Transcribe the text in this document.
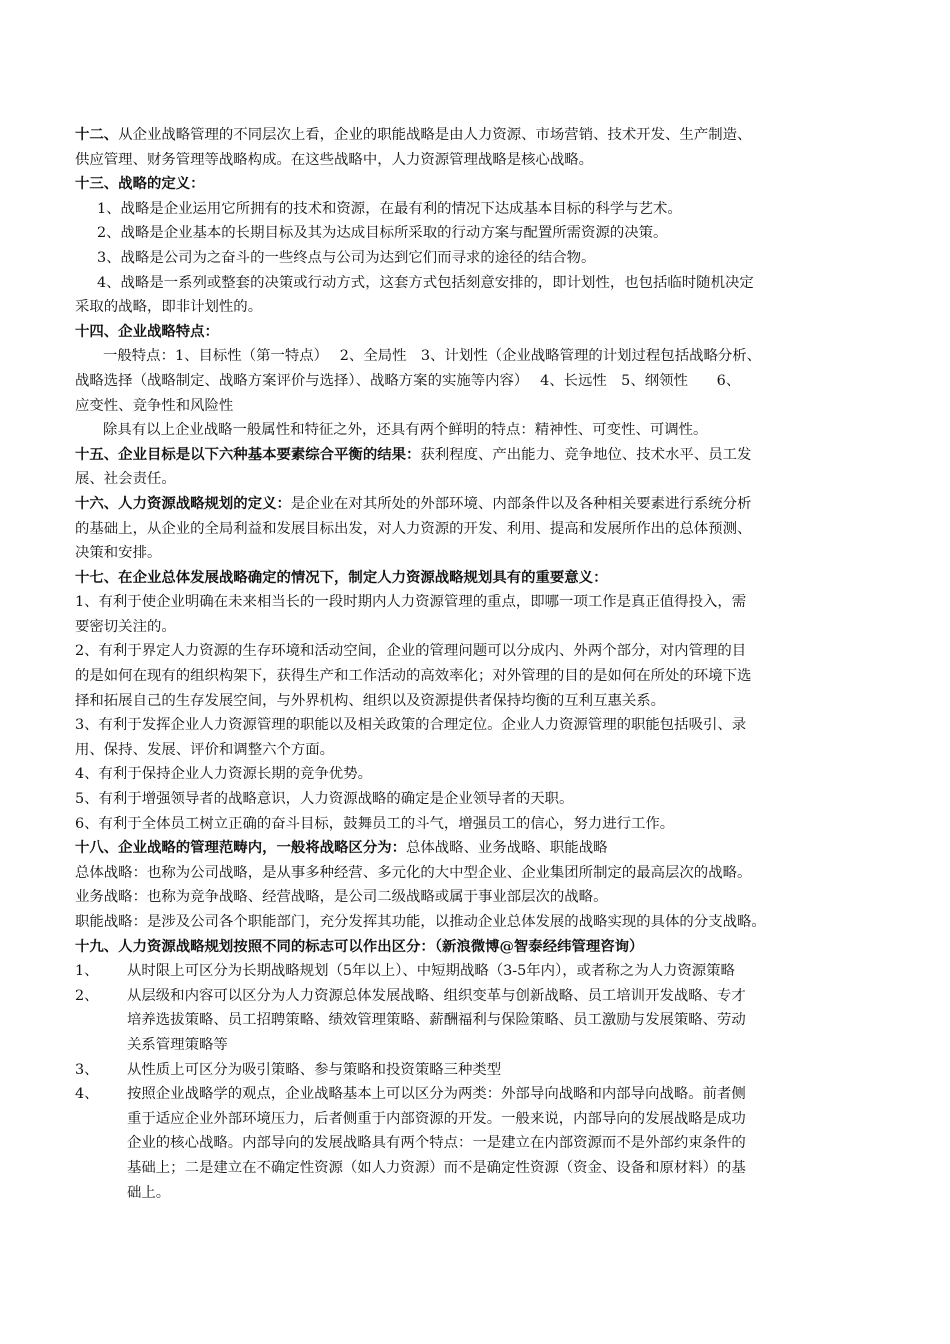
十二、从企业战略管理的不同层次上看，企业的职能战略是由人力资源、市场营销、技术开发、生产制造、
供应管理、财务管理等战略构成。在这些战略中，人力资源管理战略是核心战略。
十三、战略的定义：
1、战略是企业运用它所拥有的技术和资源，在最有利的情况下达成基本目标的科学与艺术。
2、战略是企业基本的长期目标及其为达成目标所采取的行动方案与配置所需资源的决策。
3、战略是公司为之奋斗的一些终点与公司为达到它们而寻求的途径的结合物。
4、战略是一系列或整套的决策或行动方式，这套方式包括刻意安排的，即计划性，也包括临时随机决定
采取的战略，即非计划性的。
十四、企业战略特点：
一般特点：1、目标性（第一特点）　 2、全局性　3、计划性（企业战略管理的计划过程包括战略分析、
战略选择（战略制定、战略方案评价与选择）、战略方案的实施等内容）　 4、长远性　5、纲领性　　6、
应变性、竞争性和风险性
除具有以上企业战略一般属性和特征之外，还具有两个鲜明的特点：精神性、可变性、可调性。
十五、企业目标是以下六种基本要素综合平衡的结果：获利程度、产出能力、竞争地位、技术水平、员工发
展、社会责任。
十六、人力资源战略规划的定义：是企业在对其所处的外部环境、内部条件以及各种相关要素进行系统分析
的基础上，从企业的全局利益和发展目标出发，对人力资源的开发、利用、提高和发展所作出的总体预测、
决策和安排。
十七、在企业总体发展战略确定的情况下，制定人力资源战略规划具有的重要意义：
1、有利于使企业明确在未来相当长的一段时期内人力资源管理的重点，即哪一项工作是真正值得投入，需
要密切关注的。
2、有利于界定人力资源的生存环境和活动空间，企业的管理问题可以分成内、外两个部分，对内管理的目
的是如何在现有的组织构架下，获得生产和工作活动的高效率化；对外管理的目的是如何在所处的环境下选
择和拓展自己的生存发展空间，与外界机构、组织以及资源提供者保持均衡的互利互惠关系。
3、有利于发挥企业人力资源管理的职能以及相关政策的合理定位。企业人力资源管理的职能包括吸引、录
用、保持、发展、评价和调整六个方面。
4、有利于保持企业人力资源长期的竞争优势。
5、有利于增强领导者的战略意识，人力资源战略的确定是企业领导者的天职。
6、有利于全体员工树立正确的奋斗目标，鼓舞员工的斗气，增强员工的信心，努力进行工作。
十八、企业战略的管理范畴内，一般将战略区分为：总体战略、业务战略、职能战略
总体战略：也称为公司战略，是从事多种经营、多元化的大中型企业、企业集团所制定的最高层次的战略。
业务战略：也称为竞争战略、经营战略，是公司二级战略或属于事业部层次的战略。
职能战略：是涉及公司各个职能部门，充分发挥其功能，以推动企业总体发展的战略实现的具体的分支战略。
十九、人力资源战略规划按照不同的标志可以作出区分：（新浪微博@智泰经纬管理咨询）
1、 从时限上可区分为长期战略规划（5年以上）、中短期战略（3-5年内），或者称之为人力资源策略
2、 从层级和内容可以区分为人力资源总体发展战略、组织变革与创新战略、员工培训开发战略、专才
培养选拔策略、员工招聘策略、绩效管理策略、薪酬福利与保险策略、员工激励与发展策略、劳动
关系管理策略等
3、 从性质上可区分为吸引策略、参与策略和投资策略三种类型
4、 按照企业战略学的观点，企业战略基本上可以区分为两类：外部导向战略和内部导向战略。前者侧
重于适应企业外部环境压力，后者侧重于内部资源的开发。一般来说，内部导向的发展战略是成功
企业的核心战略。内部导向的发展战略具有两个特点：一是建立在内部资源而不是外部约束条件的
基础上；二是建立在不确定性资源（如人力资源）而不是确定性资源（资金、设备和原材料）的基
础上。
